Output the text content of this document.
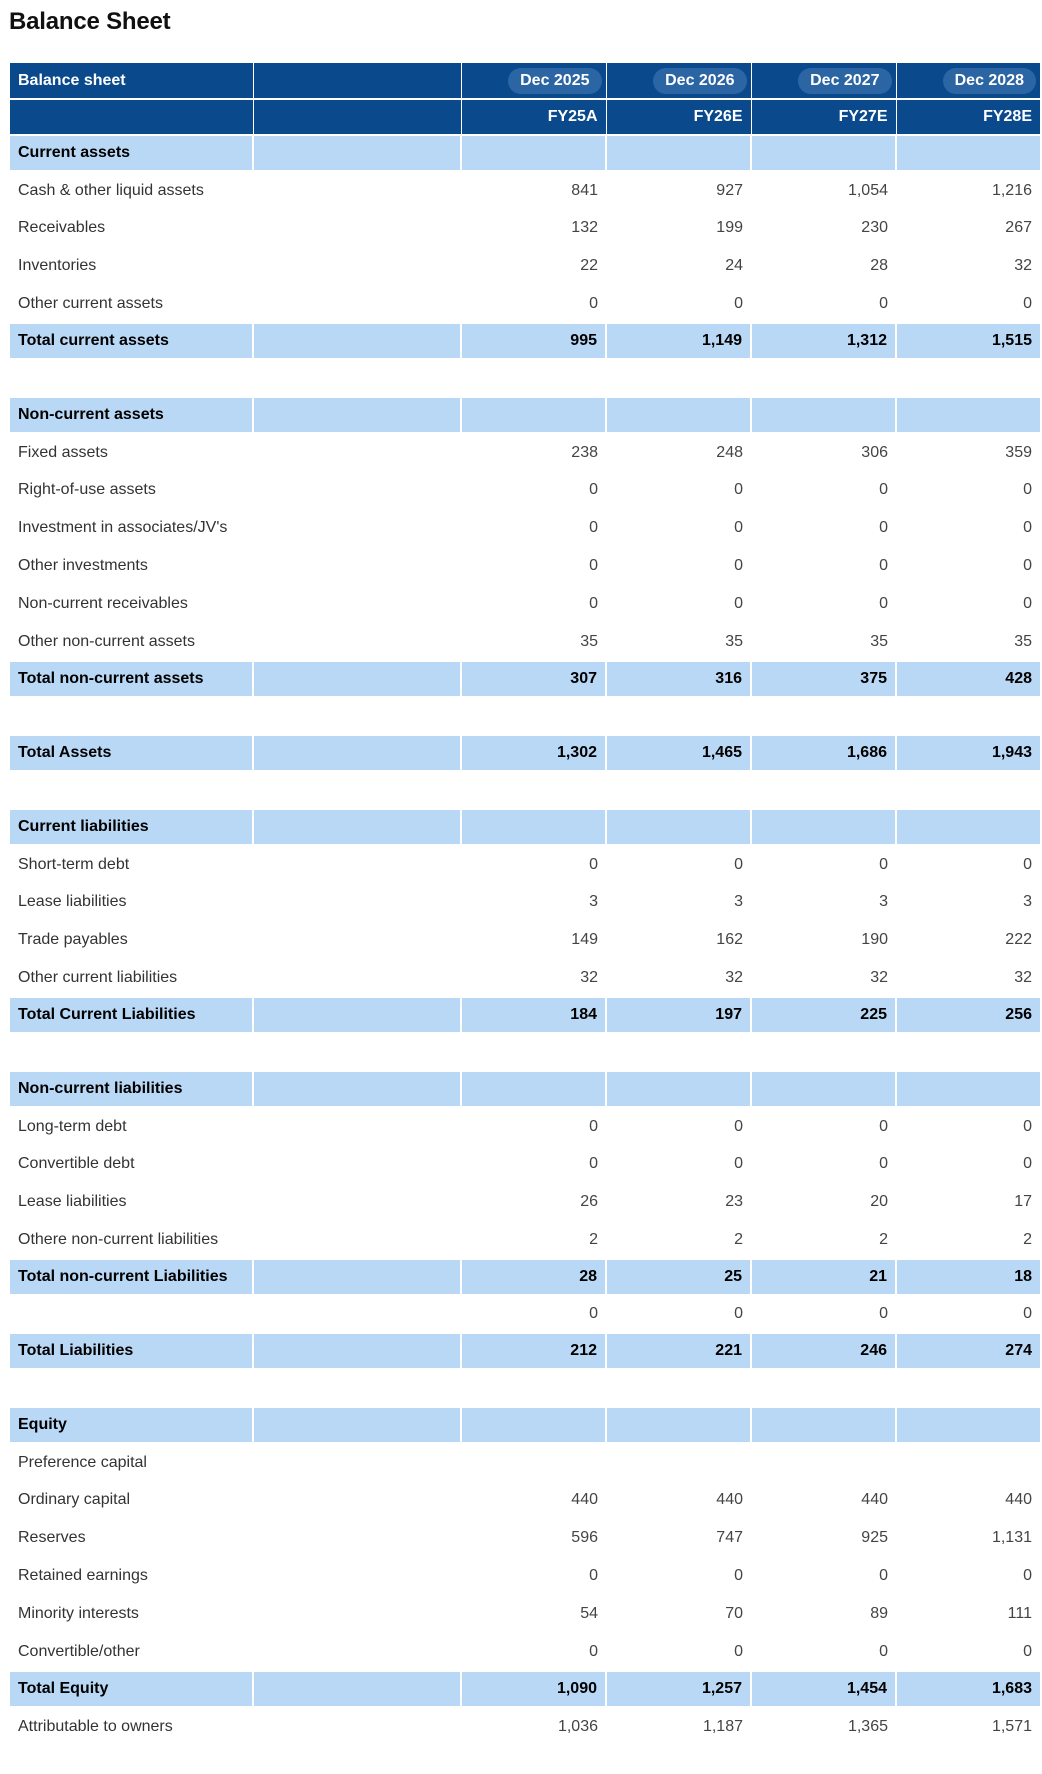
Balance Sheet
Balance sheet		Dec 2025	Dec 2026	Dec 2027	Dec 2028
		FY25A	FY26E	FY27E	FY28E
Current assets					
Cash & other liquid assets		841	927	1,054	1,216
Receivables		132	199	230	267
Inventories		22	24	28	32
Other current assets		0	0	0	0
Total current assets		995	1,149	1,312	1,515

Non-current assets					
Fixed assets		238	248	306	359
Right-of-use assets		0	0	0	0
Investment in associates/JV's		0	0	0	0
Other investments		0	0	0	0
Non-current receivables		0	0	0	0
Other non-current assets		35	35	35	35
Total non-current assets		307	316	375	428

Total Assets		1,302	1,465	1,686	1,943

Current liabilities					
Short-term debt		0	0	0	0
Lease liabilities		3	3	3	3
Trade payables		149	162	190	222
Other current liabilities		32	32	32	32
Total Current Liabilities		184	197	225	256

Non-current liabilities					
Long-term debt		0	0	0	0
Convertible debt		0	0	0	0
Lease liabilities		26	23	20	17
Othere non-current liabilities		2	2	2	2
Total non-current Liabilities		28	25	21	18
		0	0	0	0
Total Liabilities		212	221	246	274

Equity					
Preference capital					
Ordinary capital		440	440	440	440
Reserves		596	747	925	1,131
Retained earnings		0	0	0	0
Minority interests		54	70	89	111
Convertible/other		0	0	0	0
Total Equity		1,090	1,257	1,454	1,683
Attributable to owners		1,036	1,187	1,365	1,571
